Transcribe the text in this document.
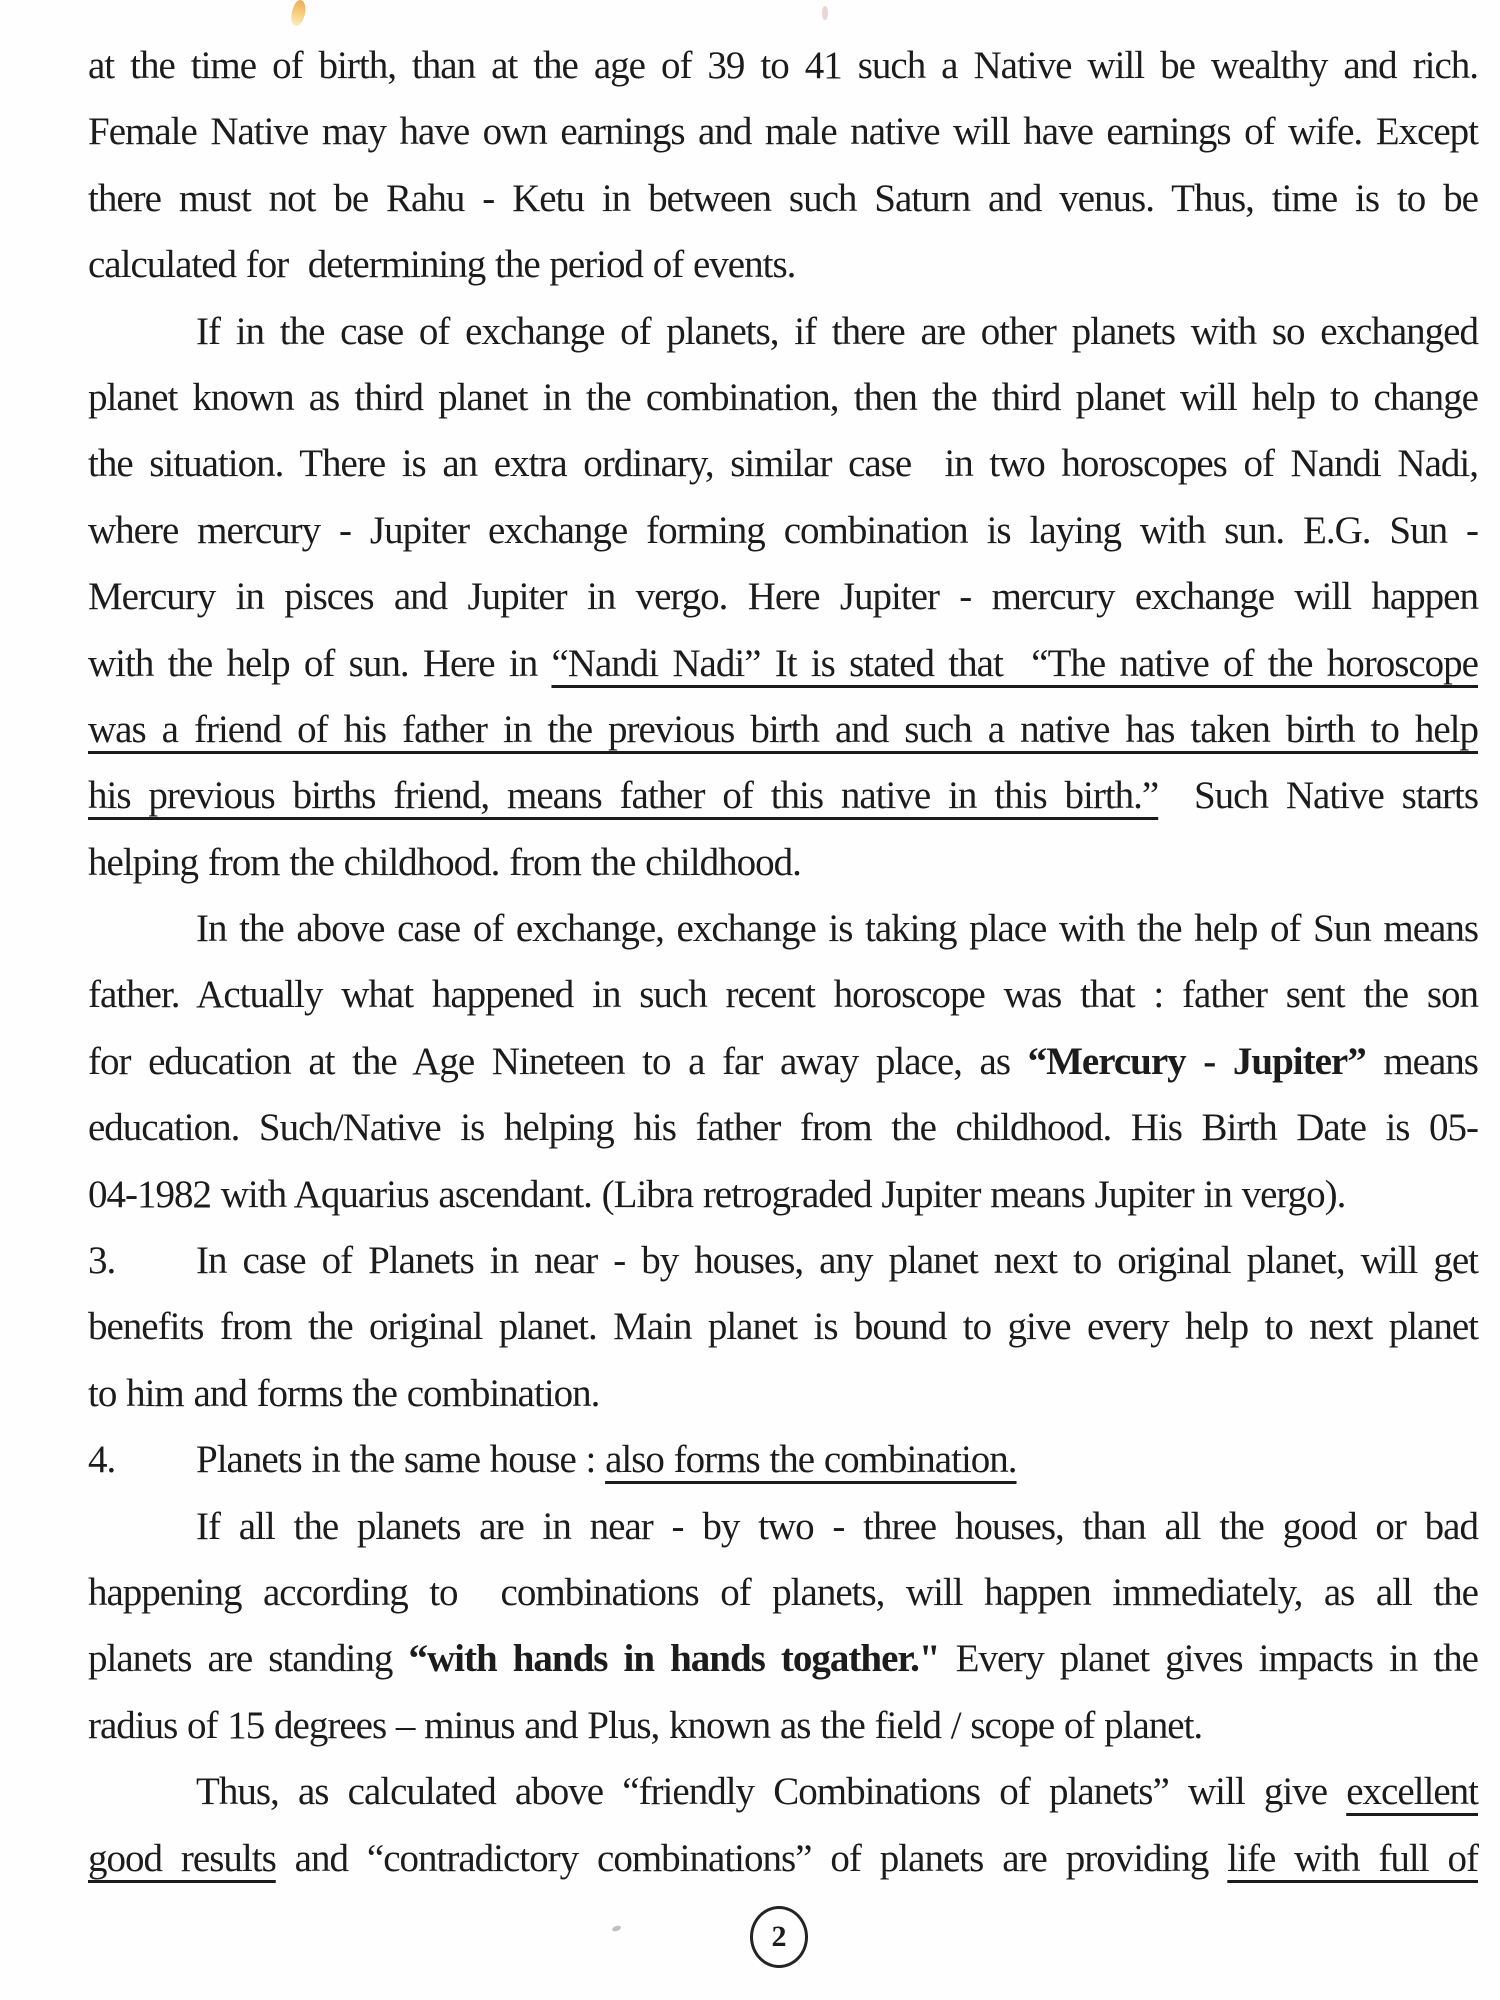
at the time of birth, than at the age of 39 to 41 such a Native will be wealthy and rich.
Female Native may have own earnings and male native will have earnings of wife. Except
there must not be Rahu - Ketu in between such Saturn and venus. Thus, time is to be
calculated for  determining the period of events.
If in the case of exchange of planets, if there are other planets with so exchanged
planet known as third planet in the combination, then the third planet will help to change
the situation. There is an extra ordinary, similar case  in two horoscopes of Nandi Nadi,
where mercury - Jupiter exchange forming combination is laying with sun. E.G. Sun -
Mercury in pisces and Jupiter in vergo. Here Jupiter - mercury exchange will happen
with the help of sun. Here in “Nandi Nadi” It is stated that  “The native of the horoscope
was a friend of his father in the previous birth and such a native has taken birth to help
his previous births friend, means father of this native in this birth.”  Such Native starts
helping from the childhood. from the childhood.
In the above case of exchange, exchange is taking place with the help of Sun means
father. Actually what happened in such recent horoscope was that : father sent the son
for education at the Age Nineteen to a far away place, as “Mercury - Jupiter” means
education. Such/Native is helping his father from the childhood. His Birth Date is 05-
04-1982 with Aquarius ascendant. (Libra retrograded Jupiter means Jupiter in vergo).
3. In case of Planets in near - by houses, any planet next to original planet, will get
benefits from the original planet. Main planet is bound to give every help to next planet
to him and forms the combination.
4. Planets in the same house : also forms the combination.
If all the planets are in near - by two - three houses, than all the good or bad
happening according to  combinations of planets, will happen immediately, as all the
planets are standing “with hands in hands togather." Every planet gives impacts in the
radius of 15 degrees – minus and Plus, known as the field / scope of planet.
Thus, as calculated above “friendly Combinations of planets” will give excellent
good results and “contradictory combinations” of planets are providing life with full of
2
